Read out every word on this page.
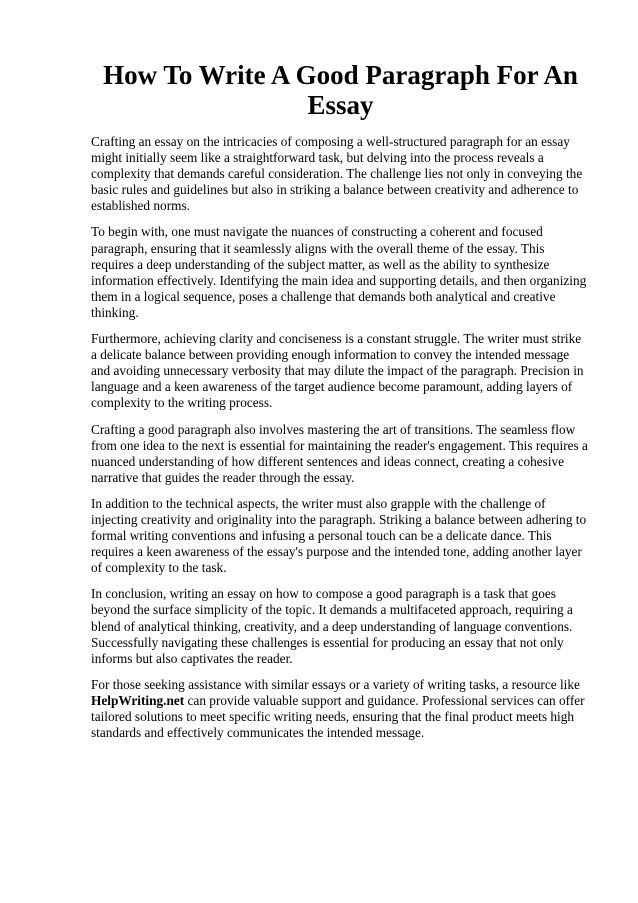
How To Write A Good Paragraph For An Essay

Crafting an essay on the intricacies of composing a well-structured paragraph for an essay might initially seem like a straightforward task, but delving into the process reveals a complexity that demands careful consideration. The challenge lies not only in conveying the basic rules and guidelines but also in striking a balance between creativity and adherence to established norms.

To begin with, one must navigate the nuances of constructing a coherent and focused paragraph, ensuring that it seamlessly aligns with the overall theme of the essay. This requires a deep understanding of the subject matter, as well as the ability to synthesize information effectively. Identifying the main idea and supporting details, and then organizing them in a logical sequence, poses a challenge that demands both analytical and creative thinking.

Furthermore, achieving clarity and conciseness is a constant struggle. The writer must strike a delicate balance between providing enough information to convey the intended message and avoiding unnecessary verbosity that may dilute the impact of the paragraph. Precision in language and a keen awareness of the target audience become paramount, adding layers of complexity to the writing process.

Crafting a good paragraph also involves mastering the art of transitions. The seamless flow from one idea to the next is essential for maintaining the reader's engagement. This requires a nuanced understanding of how different sentences and ideas connect, creating a cohesive narrative that guides the reader through the essay.

In addition to the technical aspects, the writer must also grapple with the challenge of injecting creativity and originality into the paragraph. Striking a balance between adhering to formal writing conventions and infusing a personal touch can be a delicate dance. This requires a keen awareness of the essay's purpose and the intended tone, adding another layer of complexity to the task.

In conclusion, writing an essay on how to compose a good paragraph is a task that goes beyond the surface simplicity of the topic. It demands a multifaceted approach, requiring a blend of analytical thinking, creativity, and a deep understanding of language conventions. Successfully navigating these challenges is essential for producing an essay that not only informs but also captivates the reader.

For those seeking assistance with similar essays or a variety of writing tasks, a resource like
HelpWriting.net can provide valuable support and guidance. Professional services can offer tailored solutions to meet specific writing needs, ensuring that the final product meets high standards and effectively communicates the intended message.
